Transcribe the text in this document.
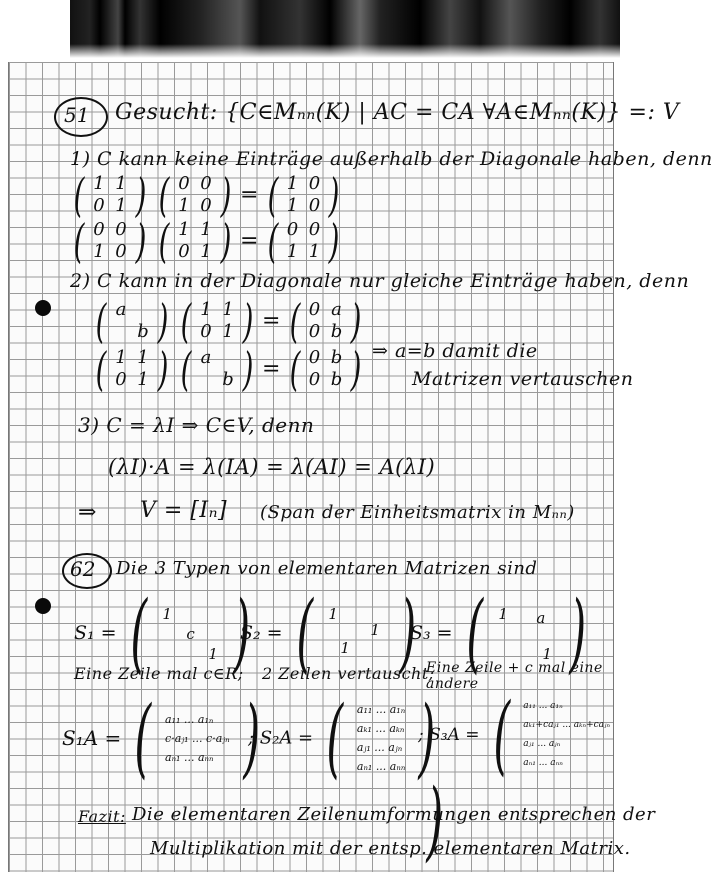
51 Gesucht: {C∈Mₙₙ(K) | AC = CA ∀A∈Mₙₙ(K)} =: V
1) C kann keine Einträge außerhalb der Diagonale haben, denn
( 1 1
0 1 ) ( 0 0
1 0 ) = ( 1 0
1 0 )
( 0 0
1 0 ) ( 1 1
0 1 ) = ( 0 0
1 1 )
2) C kann in der Diagonale nur gleiche Einträge haben, denn
( a
b ) ( 1 1
0 1 ) = ( 0 a
0 b )
( 1 1
0 1 ) ( a
b ) = ( 0 b
0 b ) ⇒ a=b damit die
Matrizen vertauschen
3) C = λI ⇒ C∈V, denn
(λI)·A = λ(IA) = λ(AI) = A(λI)
⇒ V = [Iₙ] (Span der Einheitsmatrix in Mₙₙ)
62 Die 3 Typen von elementaren Matrizen sind
S₁ = ( 1
c
1 )
S₂ = ( 1
1
1 )
S₃ = ( 1 a
1 )
Eine Zeile mal c∈R; 2 Zeilen vertauscht;
Eine Zeile + c mal eine andere
S₁A = ( a₁₁ ... a₁ₙ
c·aⱼ₁ ... c·aⱼₙ
aₙ₁ ... aₙₙ )
; S₂A = ( a₁₁ ... a₁ₙ
aₖ₁ ... aₖₙ
aⱼ₁ ... aⱼₙ
aₙ₁ ... aₙₙ )
; S₃A = ( a₁₁ ... a₁ₙ
aₖ₁+caⱼ₁ ... aₖₙ+caⱼₙ
aⱼ₁ ... aⱼₙ
aₙ₁ ... aₙₙ
)
Fazit: Die elementaren Zeilenumformungen entsprechen der
Multiplikation mit der entsp. elementaren Matrix.
